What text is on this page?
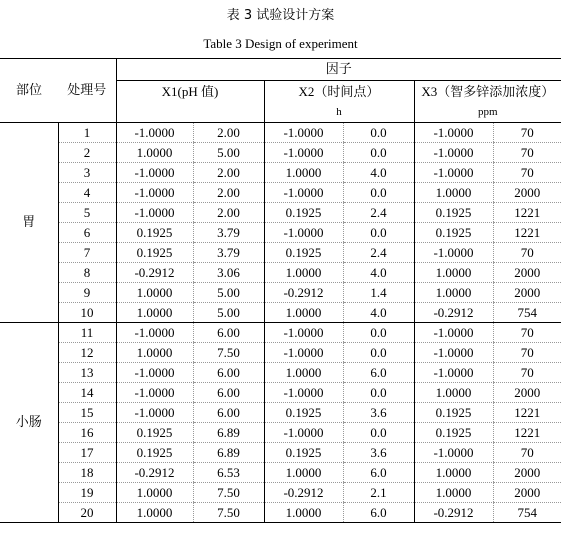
表 3 试验设计方案
Table 3 Design of experiment
部位	处理号	因子					
		X1(pH 值)		X2（时间点）		X3（智多锌添加浓度）	
				h		ppm	
胃	1	-1.0000	2.00	-1.0000	0.0	-1.0000	70
	2	1.0000	5.00	-1.0000	0.0	-1.0000	70
	3	-1.0000	2.00	1.0000	4.0	-1.0000	70
	4	-1.0000	2.00	-1.0000	0.0	1.0000	2000
	5	-1.0000	2.00	0.1925	2.4	0.1925	1221
	6	0.1925	3.79	-1.0000	0.0	0.1925	1221
	7	0.1925	3.79	0.1925	2.4	-1.0000	70
	8	-0.2912	3.06	1.0000	4.0	1.0000	2000
	9	1.0000	5.00	-0.2912	1.4	1.0000	2000
	10	1.0000	5.00	1.0000	4.0	-0.2912	754
小肠	11	-1.0000	6.00	-1.0000	0.0	-1.0000	70
	12	1.0000	7.50	-1.0000	0.0	-1.0000	70
	13	-1.0000	6.00	1.0000	6.0	-1.0000	70
	14	-1.0000	6.00	-1.0000	0.0	1.0000	2000
	15	-1.0000	6.00	0.1925	3.6	0.1925	1221
	16	0.1925	6.89	-1.0000	0.0	0.1925	1221
	17	0.1925	6.89	0.1925	3.6	-1.0000	70
	18	-0.2912	6.53	1.0000	6.0	1.0000	2000
	19	1.0000	7.50	-0.2912	2.1	1.0000	2000
	20	1.0000	7.50	1.0000	6.0	-0.2912	754
